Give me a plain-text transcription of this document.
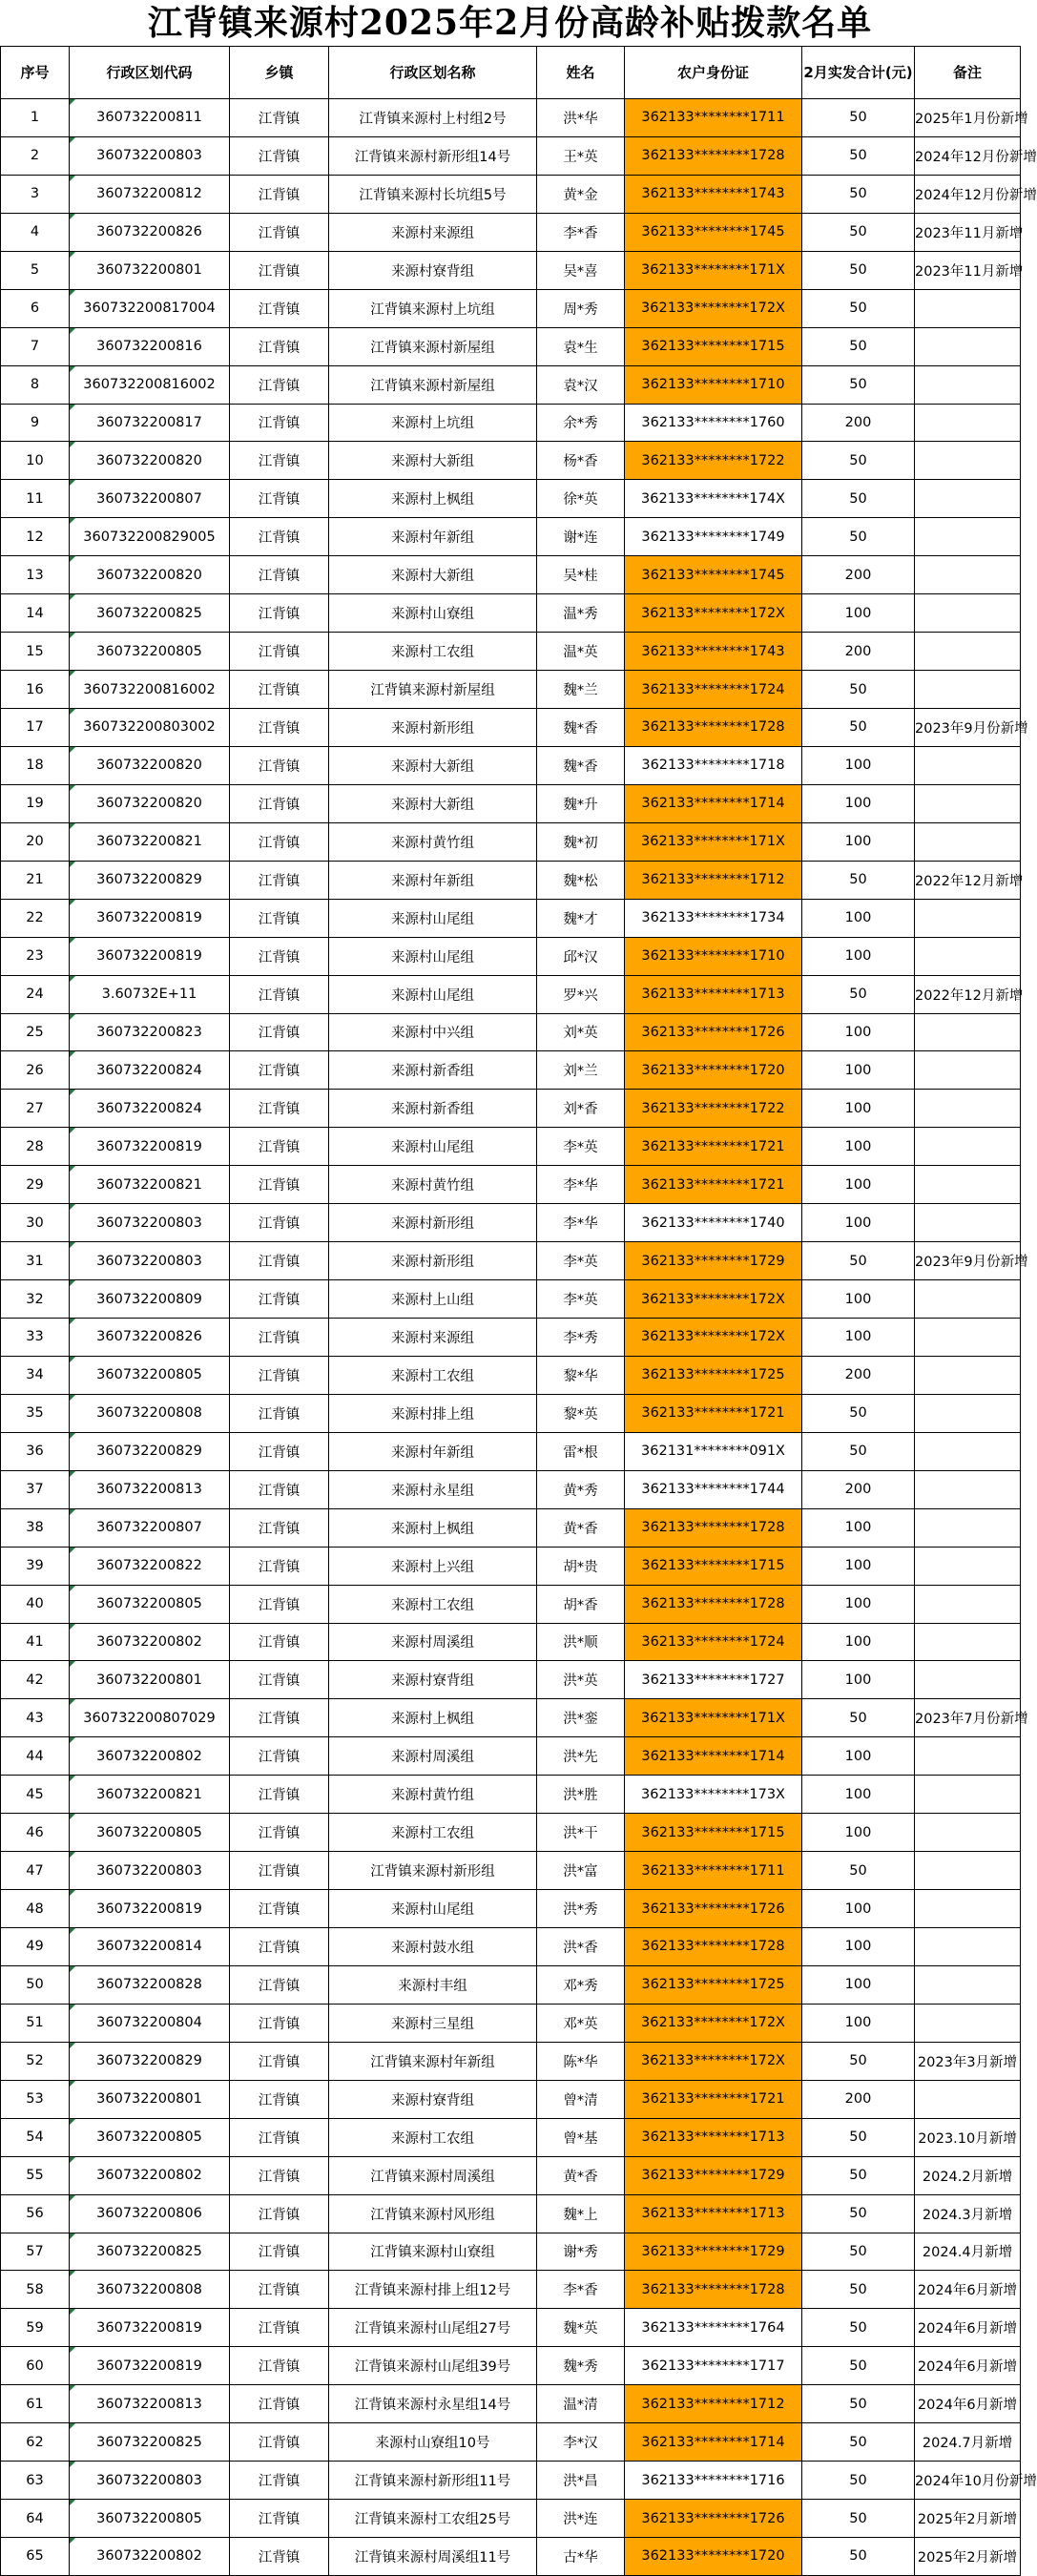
江背镇来源村2025年2月份高龄补贴拨款名单
序号	行政区划代码	乡镇	行政区划名称	姓名	农户身份证	2月实发合计(元)	备注
1	360732200811	江背镇	江背镇来源村上村组2号	洪*华	362133********1711	50	2025年1月份新增
2	360732200803	江背镇	江背镇来源村新形组14号	王*英	362133********1728	50	2024年12月份新增
3	360732200812	江背镇	江背镇来源村长坑组5号	黄*金	362133********1743	50	2024年12月份新增
4	360732200826	江背镇	来源村来源组	李*香	362133********1745	50	2023年11月新增
5	360732200801	江背镇	来源村寮背组	吴*喜	362133********171X	50	2023年11月新增
6	360732200817004	江背镇	江背镇来源村上坑组	周*秀	362133********172X	50	
7	360732200816	江背镇	江背镇来源村新屋组	袁*生	362133********1715	50	
8	360732200816002	江背镇	江背镇来源村新屋组	袁*汉	362133********1710	50	
9	360732200817	江背镇	来源村上坑组	余*秀	362133********1760	200	
10	360732200820	江背镇	来源村大新组	杨*香	362133********1722	50	
11	360732200807	江背镇	来源村上枫组	徐*英	362133********174X	50	
12	360732200829005	江背镇	来源村年新组	谢*连	362133********1749	50	
13	360732200820	江背镇	来源村大新组	吴*桂	362133********1745	200	
14	360732200825	江背镇	来源村山寮组	温*秀	362133********172X	100	
15	360732200805	江背镇	来源村工农组	温*英	362133********1743	200	
16	360732200816002	江背镇	江背镇来源村新屋组	魏*兰	362133********1724	50	
17	360732200803002	江背镇	来源村新形组	魏*香	362133********1728	50	2023年9月份新增
18	360732200820	江背镇	来源村大新组	魏*香	362133********1718	100	
19	360732200820	江背镇	来源村大新组	魏*升	362133********1714	100	
20	360732200821	江背镇	来源村黄竹组	魏*初	362133********171X	100	
21	360732200829	江背镇	来源村年新组	魏*松	362133********1712	50	2022年12月新增
22	360732200819	江背镇	来源村山尾组	魏*才	362133********1734	100	
23	360732200819	江背镇	来源村山尾组	邱*汉	362133********1710	100	
24	3.60732E+11	江背镇	来源村山尾组	罗*兴	362133********1713	50	2022年12月新增
25	360732200823	江背镇	来源村中兴组	刘*英	362133********1726	100	
26	360732200824	江背镇	来源村新香组	刘*兰	362133********1720	100	
27	360732200824	江背镇	来源村新香组	刘*香	362133********1722	100	
28	360732200819	江背镇	来源村山尾组	李*英	362133********1721	100	
29	360732200821	江背镇	来源村黄竹组	李*华	362133********1721	100	
30	360732200803	江背镇	来源村新形组	李*华	362133********1740	100	
31	360732200803	江背镇	来源村新形组	李*英	362133********1729	50	2023年9月份新增
32	360732200809	江背镇	来源村上山组	李*英	362133********172X	100	
33	360732200826	江背镇	来源村来源组	李*秀	362133********172X	100	
34	360732200805	江背镇	来源村工农组	黎*华	362133********1725	200	
35	360732200808	江背镇	来源村排上组	黎*英	362133********1721	50	
36	360732200829	江背镇	来源村年新组	雷*根	362131********091X	50	
37	360732200813	江背镇	来源村永星组	黄*秀	362133********1744	200	
38	360732200807	江背镇	来源村上枫组	黄*香	362133********1728	100	
39	360732200822	江背镇	来源村上兴组	胡*贵	362133********1715	100	
40	360732200805	江背镇	来源村工农组	胡*香	362133********1728	100	
41	360732200802	江背镇	来源村周溪组	洪*顺	362133********1724	100	
42	360732200801	江背镇	来源村寮背组	洪*英	362133********1727	100	
43	360732200807029	江背镇	来源村上枫组	洪*銮	362133********171X	50	2023年7月份新增
44	360732200802	江背镇	来源村周溪组	洪*先	362133********1714	100	
45	360732200821	江背镇	来源村黄竹组	洪*胜	362133********173X	100	
46	360732200805	江背镇	来源村工农组	洪*干	362133********1715	100	
47	360732200803	江背镇	江背镇来源村新形组	洪*富	362133********1711	50	
48	360732200819	江背镇	来源村山尾组	洪*秀	362133********1726	100	
49	360732200814	江背镇	来源村鼓水组	洪*香	362133********1728	100	
50	360732200828	江背镇	来源村丰组	邓*秀	362133********1725	100	
51	360732200804	江背镇	来源村三星组	邓*英	362133********172X	100	
52	360732200829	江背镇	江背镇来源村年新组	陈*华	362133********172X	50	2023年3月新增
53	360732200801	江背镇	来源村寮背组	曾*清	362133********1721	200	
54	360732200805	江背镇	来源村工农组	曾*基	362133********1713	50	2023.10月新增
55	360732200802	江背镇	江背镇来源村周溪组	黄*香	362133********1729	50	2024.2月新增
56	360732200806	江背镇	江背镇来源村风形组	魏*上	362133********1713	50	2024.3月新增
57	360732200825	江背镇	江背镇来源村山寮组	谢*秀	362133********1729	50	2024.4月新增
58	360732200808	江背镇	江背镇来源村排上组12号	李*香	362133********1728	50	2024年6月新增
59	360732200819	江背镇	江背镇来源村山尾组27号	魏*英	362133********1764	50	2024年6月新增
60	360732200819	江背镇	江背镇来源村山尾组39号	魏*秀	362133********1717	50	2024年6月新增
61	360732200813	江背镇	江背镇来源村永星组14号	温*清	362133********1712	50	2024年6月新增
62	360732200825	江背镇	来源村山寮组10号	李*汉	362133********1714	50	2024.7月新增
63	360732200803	江背镇	江背镇来源村新形组11号	洪*昌	362133********1716	50	2024年10月份新增
64	360732200805	江背镇	江背镇来源村工农组25号	洪*连	362133********1726	50	2025年2月新增
65	360732200802	江背镇	江背镇来源村周溪组11号	古*华	362133********1720	50	2025年2月新增
